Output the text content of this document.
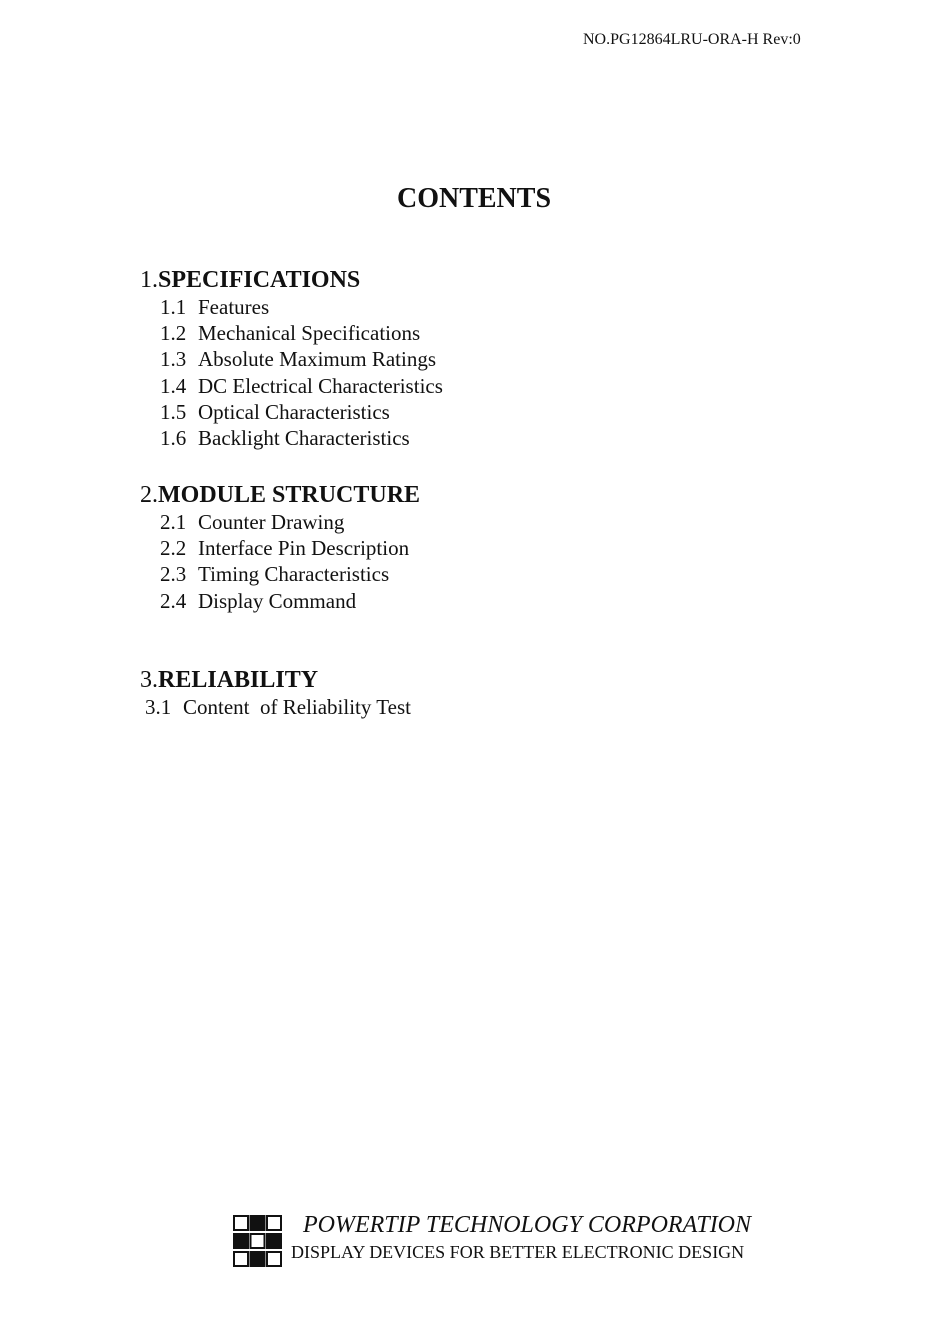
NO.PG12864LRU-ORA-H Rev:0
CONTENTS
1.SPECIFICATIONS
1.1 Features
1.2 Mechanical Specifications
1.3 Absolute Maximum Ratings
1.4 DC Electrical Characteristics
1.5 Optical Characteristics
1.6 Backlight Characteristics
2.MODULE STRUCTURE
2.1 Counter Drawing
2.2 Interface Pin Description
2.3 Timing Characteristics
2.4 Display Command
3.RELIABILITY
3.1 Content  of Reliability Test
POWERTIP TECHNOLOGY CORPORATION
DISPLAY DEVICES FOR BETTER ELECTRONIC DESIGN
